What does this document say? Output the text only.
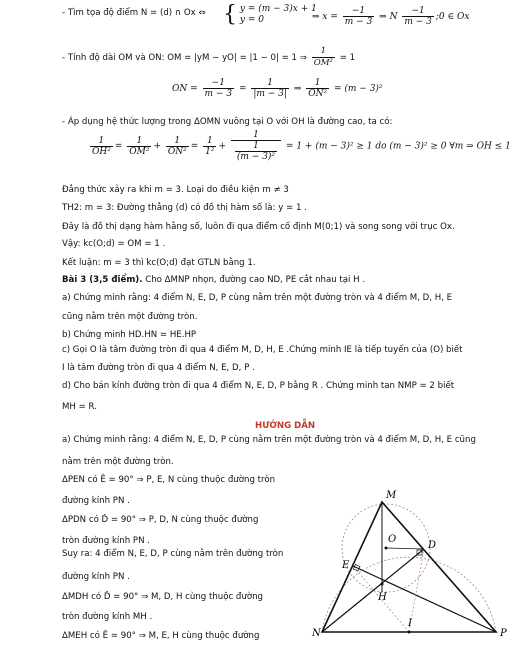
- Tìm tọa độ điểm N = (d) ∩ Ox ⇔ { y = (m − 3)x + 1
y = 0	⇒ $x = \frac{-1}{m - 3}$ ⇒ N $\frac{-1}{m - 3}$ ;0 ∈ Ox
- Tính độ dài OM và ON: OM = |yM − yO| = |1 − 0| = 1 ⇒ $\frac{1}{\text{OM²}} = 1$
ON = $\frac{-1}{m - 3} = \frac{1}{|m - 3|}$ ⇒ $\frac{1}{\text{ON²}} = (m - 3)^2$
- Áp dụng hệ thức lượng trong ΔOMN vuông tại O với OH là đường cao, ta có:
$\frac{1}{\text{OH²}} = \frac{1}{\text{OM²}} + \frac{1}{\text{ON²}} = \frac{1}{\text{1²}} + \frac{1}{\frac{1}{\text{(m − 3)²}}} = 1 + (m - 3)^2 \ge 1$ do (m − 3)² ≥ 0 ∀m ⇒ OH ≤ 1
Đẳng thức xảy ra khi m = 3. Loại do điều kiện m ≠ 3
TH2: m = 3: Đường thẳng (d) có đồ thị hàm số là: y = 1 .
Đây là đồ thị dạng hàm hằng số, luôn đi qua điểm cố định M(0;1) và song song với trục Ox.
Vậy: kc(O;d) = OM = 1 .
Kết luận: m = 3 thì kc(O;d) đạt GTLN bằng 1.
Bài 3 (3,5 điểm). Cho ΔMNP nhọn, đường cao ND, PE cắt nhau tại H .
a) Chứng minh rằng: 4 điểm N, E, D, P cùng nằm trên một đường tròn và 4 điểm M, D, H, E
cũng nằm trên một đường tròn.
b) Chứng minh HD.HN = HE.HP
c) Gọi O là tâm đường tròn đi qua 4 điểm M, D, H, E .Chứng minh IE là tiếp tuyến của (O) biết
I là tâm đường tròn đi qua 4 điểm N, E, D, P .
d) Cho bán kính đường tròn đi qua 4 điểm N, E, D, P bằng R . Chứng minh tan NMP = 2 biết
MH = R.
HƯỚNG DẪN
a) Chứng minh rằng: 4 điểm N, E, D, P cùng nằm trên một đường tròn và 4 điểm M, D, H, E cũng
nằm trên một đường tròn.
ΔPEN có Ê = 90° ⇒ P, E, N cùng thuộc đường tròn
đường kính PN .
ΔPDN có D̂ = 90° ⇒ P, D, N cùng thuộc đường
tròn đường kính PN .
Suy ra: 4 điểm N, E, D, P cùng nằm trên đường tròn
đường kính PN .
ΔMDH có D̂ = 90° ⇒ M, D, H cùng thuộc đường
tròn đường kính MH .
ΔMEH có Ê = 90° ⇒ M, E, H cùng thuộc đường
M
N	P
O
D
E
H
I
